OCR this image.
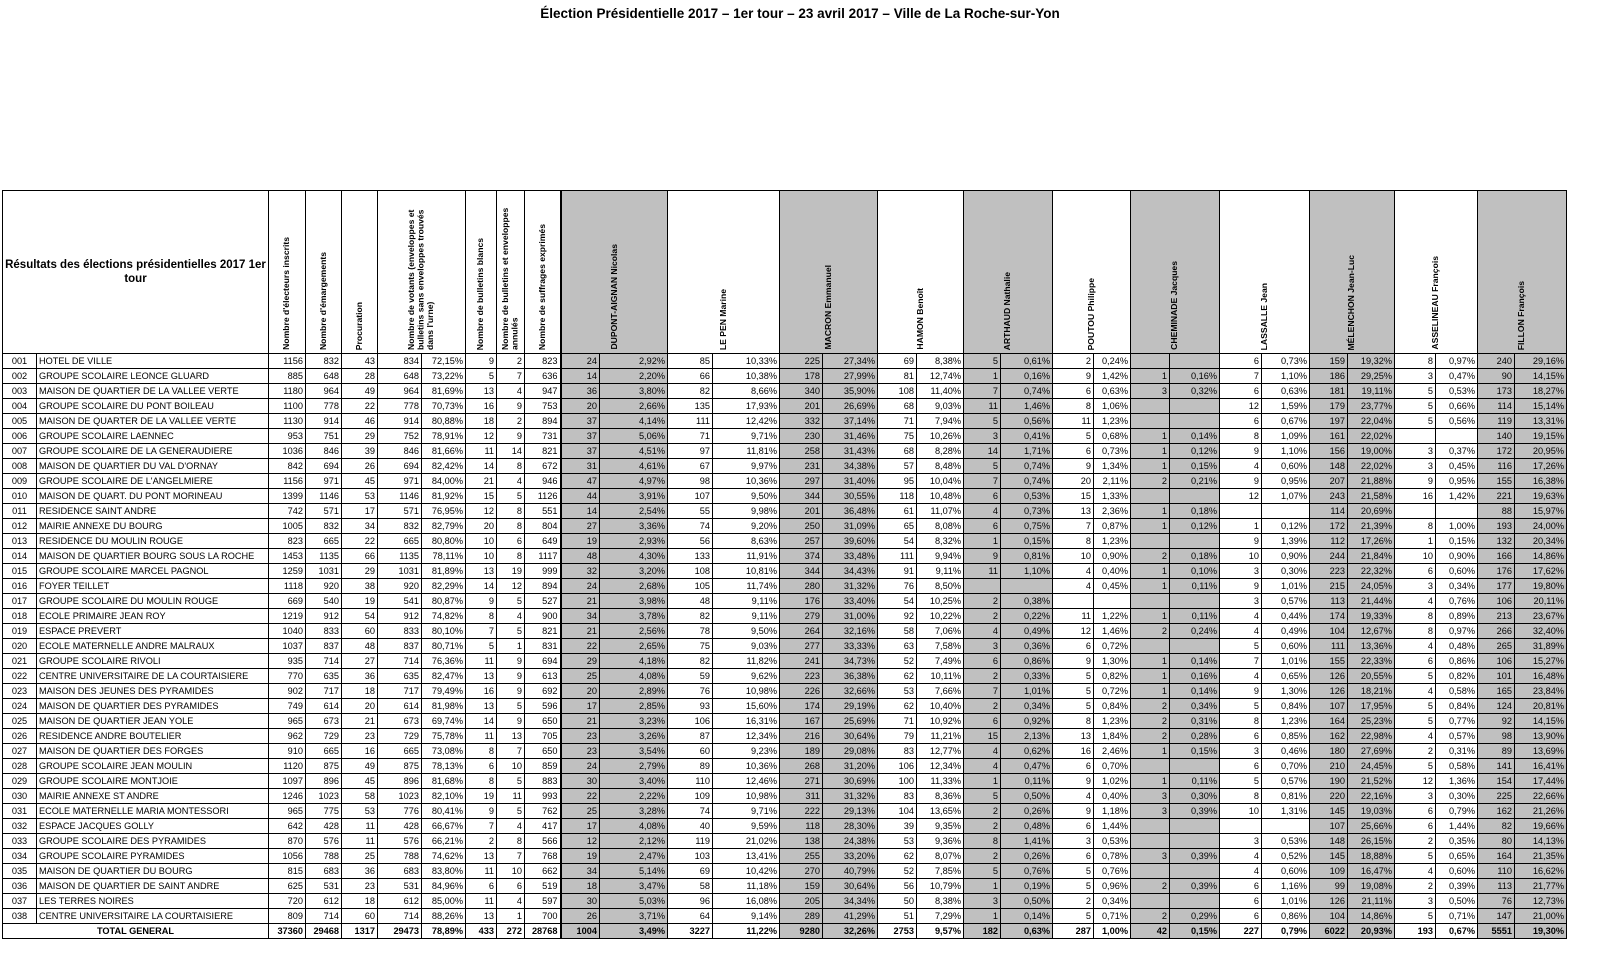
Élection Présidentielle 2017 – 1er tour – 23 avril 2017 – Ville de La Roche-sur-Yon
Résultats des élections présidentielles 2017 1er tour		Nombre d'électeurs inscrits	Nombre d'émargements	Procuration	Nombre de votants (enveloppes et bulletins sans enveloppes trouvés dans l'urne)		Nombre de bulletins blancs	Nombre de bulletins et enveloppes annulés	Nombre de suffrages exprimés	DUPONT-AIGNAN Nicolas		LE PEN Marine		MACRON Emmanuel		HAMON Benoît		ARTHAUD Nathalie		POUTOU Philippe		CHEMINADE Jacques		LASSALLE Jean		MÉLENCHON Jean-Luc		ASSELINEAU François		FILLON François	
001	HOTEL DE VILLE	1156	832	43	834	72,15%	9	2	823	24	2,92%	85	10,33%	225	27,34%	69	8,38%	5	0,61%	2	0,24%			6	0,73%	159	19,32%	8	0,97%	240	29,16%
002	GROUPE SCOLAIRE LEONCE GLUARD	885	648	28	648	73,22%	5	7	636	14	2,20%	66	10,38%	178	27,99%	81	12,74%	1	0,16%	9	1,42%	1	0,16%	7	1,10%	186	29,25%	3	0,47%	90	14,15%
003	MAISON DE QUARTIER DE LA VALLEE VERTE	1180	964	49	964	81,69%	13	4	947	36	3,80%	82	8,66%	340	35,90%	108	11,40%	7	0,74%	6	0,63%	3	0,32%	6	0,63%	181	19,11%	5	0,53%	173	18,27%
004	GROUPE SCOLAIRE DU PONT BOILEAU	1100	778	22	778	70,73%	16	9	753	20	2,66%	135	17,93%	201	26,69%	68	9,03%	11	1,46%	8	1,06%			12	1,59%	179	23,77%	5	0,66%	114	15,14%
005	MAISON DE QUARTER DE LA VALLEE VERTE	1130	914	46	914	80,88%	18	2	894	37	4,14%	111	12,42%	332	37,14%	71	7,94%	5	0,56%	11	1,23%			6	0,67%	197	22,04%	5	0,56%	119	13,31%
006	GROUPE SCOLAIRE LAENNEC	953	751	29	752	78,91%	12	9	731	37	5,06%	71	9,71%	230	31,46%	75	10,26%	3	0,41%	5	0,68%	1	0,14%	8	1,09%	161	22,02%			140	19,15%
007	GROUPE SCOLAIRE DE LA GENERAUDIERE	1036	846	39	846	81,66%	11	14	821	37	4,51%	97	11,81%	258	31,43%	68	8,28%	14	1,71%	6	0,73%	1	0,12%	9	1,10%	156	19,00%	3	0,37%	172	20,95%
008	MAISON DE QUARTIER DU VAL D'ORNAY	842	694	26	694	82,42%	14	8	672	31	4,61%	67	9,97%	231	34,38%	57	8,48%	5	0,74%	9	1,34%	1	0,15%	4	0,60%	148	22,02%	3	0,45%	116	17,26%
009	GROUPE SCOLAIRE DE L'ANGELMIERE	1156	971	45	971	84,00%	21	4	946	47	4,97%	98	10,36%	297	31,40%	95	10,04%	7	0,74%	20	2,11%	2	0,21%	9	0,95%	207	21,88%	9	0,95%	155	16,38%
010	MAISON DE QUART. DU PONT MORINEAU	1399	1146	53	1146	81,92%	15	5	1126	44	3,91%	107	9,50%	344	30,55%	118	10,48%	6	0,53%	15	1,33%			12	1,07%	243	21,58%	16	1,42%	221	19,63%
011	RESIDENCE SAINT ANDRE	742	571	17	571	76,95%	12	8	551	14	2,54%	55	9,98%	201	36,48%	61	11,07%	4	0,73%	13	2,36%	1	0,18%			114	20,69%			88	15,97%
012	MAIRIE ANNEXE DU BOURG	1005	832	34	832	82,79%	20	8	804	27	3,36%	74	9,20%	250	31,09%	65	8,08%	6	0,75%	7	0,87%	1	0,12%	1	0,12%	172	21,39%	8	1,00%	193	24,00%
013	RESIDENCE DU MOULIN ROUGE	823	665	22	665	80,80%	10	6	649	19	2,93%	56	8,63%	257	39,60%	54	8,32%	1	0,15%	8	1,23%			9	1,39%	112	17,26%	1	0,15%	132	20,34%
014	MAISON DE QUARTIER BOURG SOUS LA ROCHE	1453	1135	66	1135	78,11%	10	8	1117	48	4,30%	133	11,91%	374	33,48%	111	9,94%	9	0,81%	10	0,90%	2	0,18%	10	0,90%	244	21,84%	10	0,90%	166	14,86%
015	GROUPE SCOLAIRE MARCEL PAGNOL	1259	1031	29	1031	81,89%	13	19	999	32	3,20%	108	10,81%	344	34,43%	91	9,11%	11	1,10%	4	0,40%	1	0,10%	3	0,30%	223	22,32%	6	0,60%	176	17,62%
016	FOYER TEILLET	1118	920	38	920	82,29%	14	12	894	24	2,68%	105	11,74%	280	31,32%	76	8,50%			4	0,45%	1	0,11%	9	1,01%	215	24,05%	3	0,34%	177	19,80%
017	GROUPE SCOLAIRE DU MOULIN ROUGE	669	540	19	541	80,87%	9	5	527	21	3,98%	48	9,11%	176	33,40%	54	10,25%	2	0,38%					3	0,57%	113	21,44%	4	0,76%	106	20,11%
018	ECOLE PRIMAIRE JEAN ROY	1219	912	54	912	74,82%	8	4	900	34	3,78%	82	9,11%	279	31,00%	92	10,22%	2	0,22%	11	1,22%	1	0,11%	4	0,44%	174	19,33%	8	0,89%	213	23,67%
019	ESPACE PREVERT	1040	833	60	833	80,10%	7	5	821	21	2,56%	78	9,50%	264	32,16%	58	7,06%	4	0,49%	12	1,46%	2	0,24%	4	0,49%	104	12,67%	8	0,97%	266	32,40%
020	ECOLE MATERNELLE ANDRE MALRAUX	1037	837	48	837	80,71%	5	1	831	22	2,65%	75	9,03%	277	33,33%	63	7,58%	3	0,36%	6	0,72%			5	0,60%	111	13,36%	4	0,48%	265	31,89%
021	GROUPE SCOLAIRE RIVOLI	935	714	27	714	76,36%	11	9	694	29	4,18%	82	11,82%	241	34,73%	52	7,49%	6	0,86%	9	1,30%	1	0,14%	7	1,01%	155	22,33%	6	0,86%	106	15,27%
022	CENTRE UNIVERSITAIRE DE LA COURTAISIERE	770	635	36	635	82,47%	13	9	613	25	4,08%	59	9,62%	223	36,38%	62	10,11%	2	0,33%	5	0,82%	1	0,16%	4	0,65%	126	20,55%	5	0,82%	101	16,48%
023	MAISON DES JEUNES DES PYRAMIDES	902	717	18	717	79,49%	16	9	692	20	2,89%	76	10,98%	226	32,66%	53	7,66%	7	1,01%	5	0,72%	1	0,14%	9	1,30%	126	18,21%	4	0,58%	165	23,84%
024	MAISON DE QUARTIER DES PYRAMIDES	749	614	20	614	81,98%	13	5	596	17	2,85%	93	15,60%	174	29,19%	62	10,40%	2	0,34%	5	0,84%	2	0,34%	5	0,84%	107	17,95%	5	0,84%	124	20,81%
025	MAISON DE QUARTIER JEAN YOLE	965	673	21	673	69,74%	14	9	650	21	3,23%	106	16,31%	167	25,69%	71	10,92%	6	0,92%	8	1,23%	2	0,31%	8	1,23%	164	25,23%	5	0,77%	92	14,15%
026	RESIDENCE ANDRE BOUTELIER	962	729	23	729	75,78%	11	13	705	23	3,26%	87	12,34%	216	30,64%	79	11,21%	15	2,13%	13	1,84%	2	0,28%	6	0,85%	162	22,98%	4	0,57%	98	13,90%
027	MAISON DE QUARTIER DES FORGES	910	665	16	665	73,08%	8	7	650	23	3,54%	60	9,23%	189	29,08%	83	12,77%	4	0,62%	16	2,46%	1	0,15%	3	0,46%	180	27,69%	2	0,31%	89	13,69%
028	GROUPE SCOLAIRE JEAN MOULIN	1120	875	49	875	78,13%	6	10	859	24	2,79%	89	10,36%	268	31,20%	106	12,34%	4	0,47%	6	0,70%			6	0,70%	210	24,45%	5	0,58%	141	16,41%
029	GROUPE SCOLAIRE MONTJOIE	1097	896	45	896	81,68%	8	5	883	30	3,40%	110	12,46%	271	30,69%	100	11,33%	1	0,11%	9	1,02%	1	0,11%	5	0,57%	190	21,52%	12	1,36%	154	17,44%
030	MAIRIE ANNEXE ST ANDRE	1246	1023	58	1023	82,10%	19	11	993	22	2,22%	109	10,98%	311	31,32%	83	8,36%	5	0,50%	4	0,40%	3	0,30%	8	0,81%	220	22,16%	3	0,30%	225	22,66%
031	ECOLE MATERNELLE MARIA MONTESSORI	965	775	53	776	80,41%	9	5	762	25	3,28%	74	9,71%	222	29,13%	104	13,65%	2	0,26%	9	1,18%	3	0,39%	10	1,31%	145	19,03%	6	0,79%	162	21,26%
032	ESPACE JACQUES GOLLY	642	428	11	428	66,67%	7	4	417	17	4,08%	40	9,59%	118	28,30%	39	9,35%	2	0,48%	6	1,44%					107	25,66%	6	1,44%	82	19,66%
033	GROUPE SCOLAIRE DES PYRAMIDES	870	576	11	576	66,21%	2	8	566	12	2,12%	119	21,02%	138	24,38%	53	9,36%	8	1,41%	3	0,53%			3	0,53%	148	26,15%	2	0,35%	80	14,13%
034	GROUPE SCOLAIRE PYRAMIDES	1056	788	25	788	74,62%	13	7	768	19	2,47%	103	13,41%	255	33,20%	62	8,07%	2	0,26%	6	0,78%	3	0,39%	4	0,52%	145	18,88%	5	0,65%	164	21,35%
035	MAISON DE QUARTIER DU BOURG	815	683	36	683	83,80%	11	10	662	34	5,14%	69	10,42%	270	40,79%	52	7,85%	5	0,76%	5	0,76%			4	0,60%	109	16,47%	4	0,60%	110	16,62%
036	MAISON DE QUARTIER DE SAINT ANDRE	625	531	23	531	84,96%	6	6	519	18	3,47%	58	11,18%	159	30,64%	56	10,79%	1	0,19%	5	0,96%	2	0,39%	6	1,16%	99	19,08%	2	0,39%	113	21,77%
037	LES TERRES NOIRES	720	612	18	612	85,00%	11	4	597	30	5,03%	96	16,08%	205	34,34%	50	8,38%	3	0,50%	2	0,34%			6	1,01%	126	21,11%	3	0,50%	76	12,73%
038	CENTRE UNIVERSITAIRE LA COURTAISIERE	809	714	60	714	88,26%	13	1	700	26	3,71%	64	9,14%	289	41,29%	51	7,29%	1	0,14%	5	0,71%	2	0,29%	6	0,86%	104	14,86%	5	0,71%	147	21,00%
TOTAL GENERAL		37360	29468	1317	29473	78,89%	433	272	28768	1004	3,49%	3227	11,22%	9280	32,26%	2753	9,57%	182	0,63%	287	1,00%	42	0,15%	227	0,79%	6022	20,93%	193	0,67%	5551	19,30%
